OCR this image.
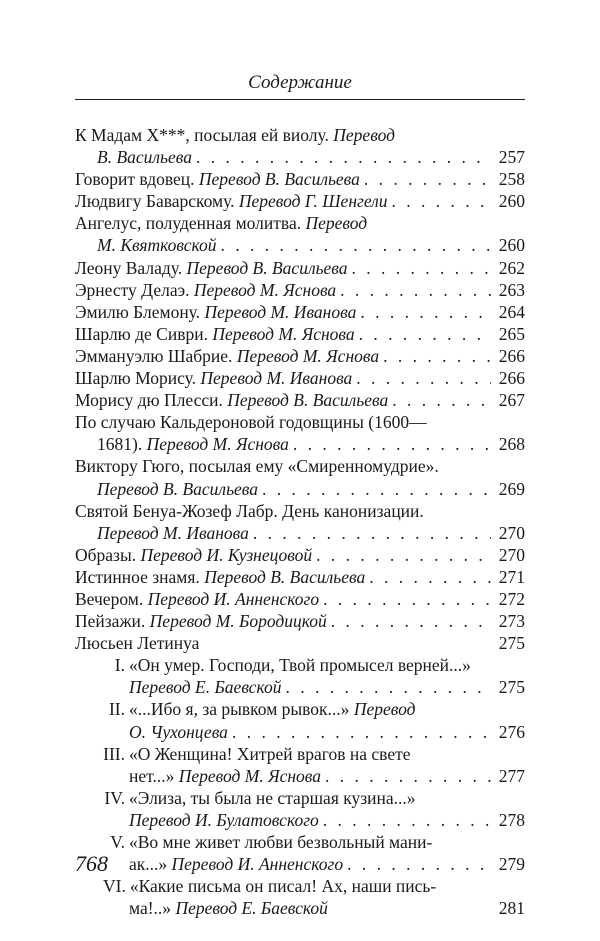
Содержание
К Мадам X***, посылая ей виолу. Перевод
В. Васильева . . .	257
Говорит вдовец. Перевод В. Васильева . . .	258
Людвигу Баварскому. Перевод Г. Шенгели . . .	260
Ангелус, полуденная молитва. Перевод
М. Квятковской . . .	260
Леону Валаду. Перевод В. Васильева . . .	262
Эрнесту Делаэ. Перевод М. Яснова . . .	263
Эмилю Блемону. Перевод М. Иванова . . .	264
Шарлю де Сиври. Перевод М. Яснова . . .	265
Эммануэлю Шабрие. Перевод М. Яснова . . .	266
Шарлю Морису. Перевод М. Иванова . . .	266
Морису дю Плесси. Перевод В. Васильева . . .	267
По случаю Кальдероновой годовщины (1600—
1681). Перевод М. Яснова . . .	268
Виктору Гюго, посылая ему «Смиренномудрие».
Перевод В. Васильева . . .	269
Святой Бенуа-Жозеф Лабр. День канонизации.
Перевод М. Иванова . . .	270
Образы. Перевод И. Кузнецовой . . .	270
Истинное знамя. Перевод В. Васильева . . .	271
Вечером. Перевод И. Анненского . . .	272
Пейзажи. Перевод М. Бородицкой . . .	273
Люсьен Летинуа	275
I. «Он умер. Господи, Твой промысел верней...»
Перевод Е. Баевской . . .	275
II. «...Ибо я, за рывком рывок...» Перевод
О. Чухонцева . . .	276
III. «О Женщина! Хитрей врагов на свете
нет...» Перевод М. Яснова . . .	277
IV. «Элиза, ты была не старшая кузина...»
Перевод И. Булатовского . . .	278
V. «Во мне живет любви безвольный мани-
ак...» Перевод И. Анненского . . .	279
VI. «Какие письма он писал! Ах, наши пись-
ма!..» Перевод Е. Баевской	281
768
